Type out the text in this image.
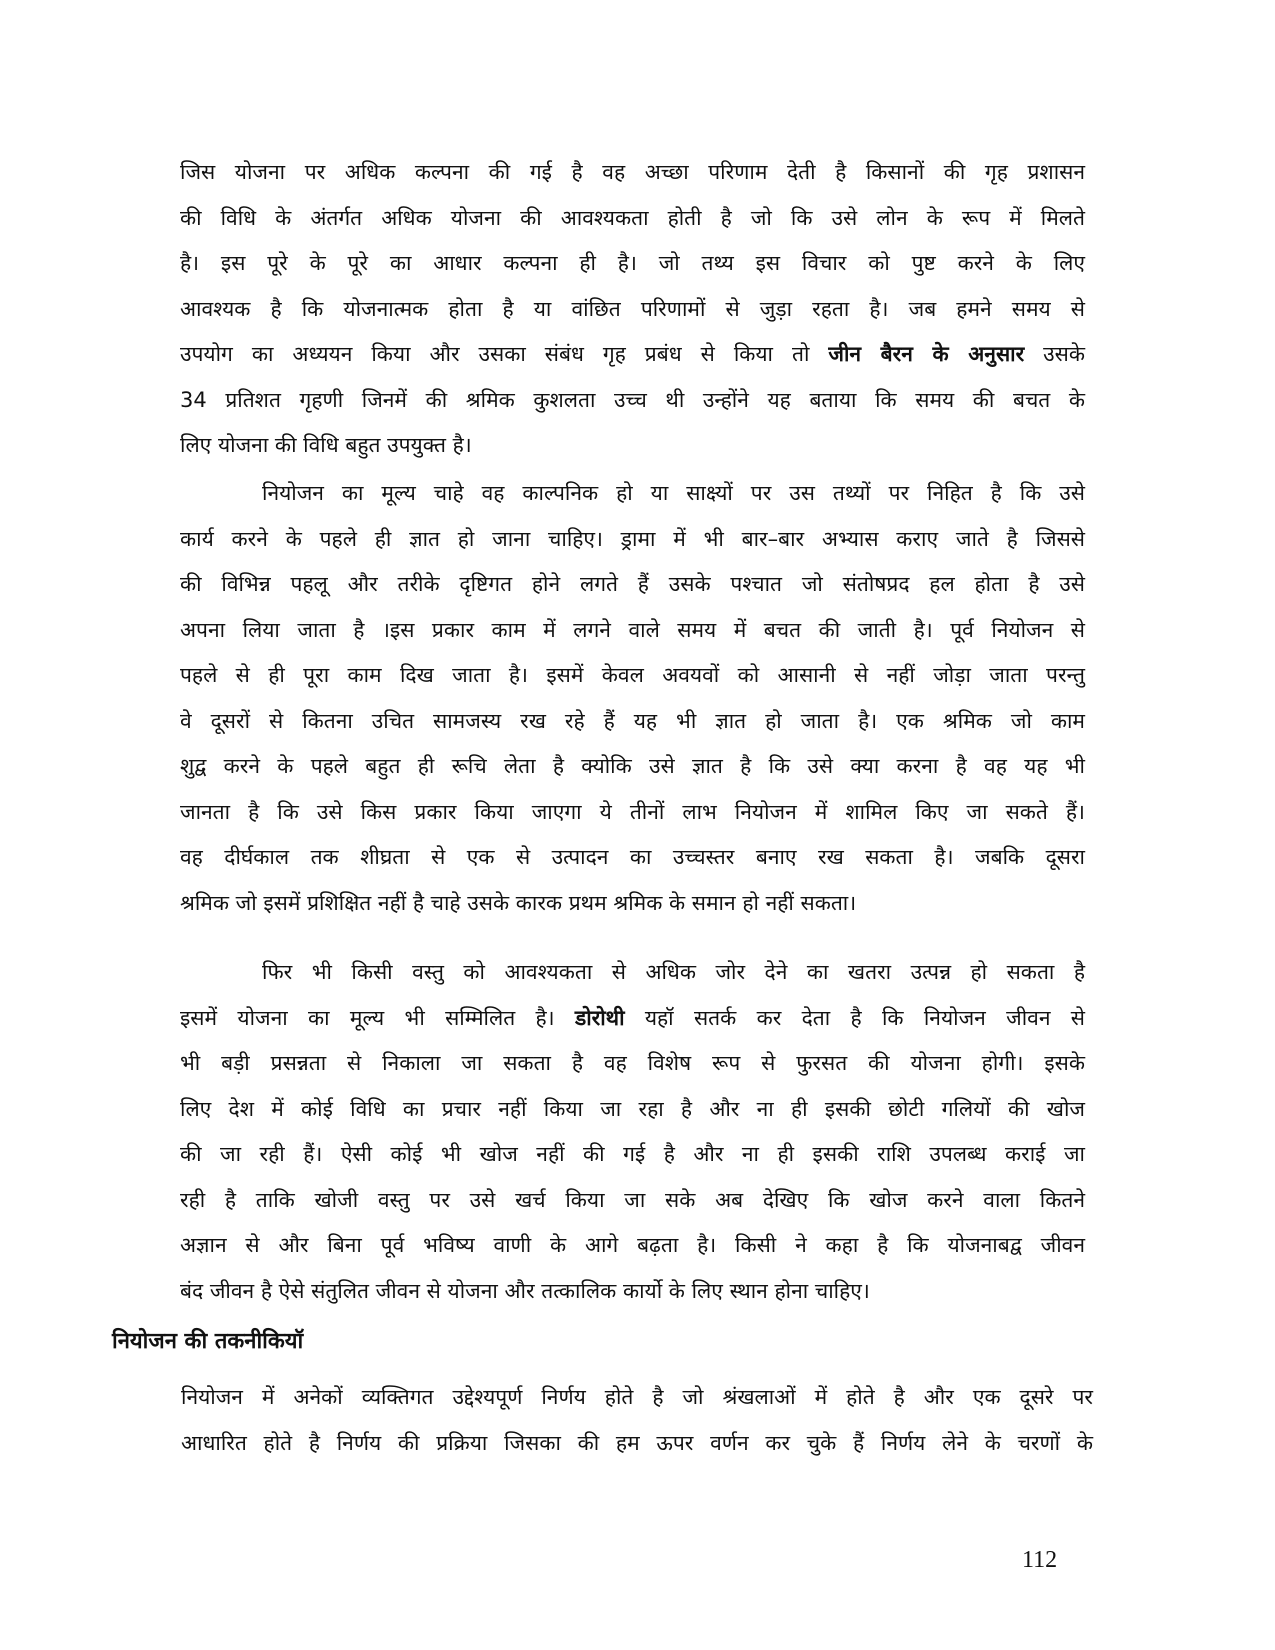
जिस योजना पर अधिक कल्पना की गई है वह अच्छा परिणाम देती है किसानों की गृह प्रशासन
की विधि के अंतर्गत अधिक योजना की आवश्यकता होती है जो कि उसे लोन के रूप में मिलते
है। इस पूरे के पूरे का आधार कल्पना ही है। जो तथ्य इस विचार को पुष्ट करने के लिए
आवश्यक है कि योजनात्मक होता है या वांछित परिणामों से जुड़ा रहता है। जब हमने समय से
उपयोग का अध्ययन किया और उसका संबंध गृह प्रबंध से किया तो जीन बैरन के अनुसार उसके
34 प्रतिशत गृहणी जिनमें की श्रमिक कुशलता उच्च थी उन्होंने यह बताया कि समय की बचत के
लिए योजना की विधि बहुत उपयुक्त है।

नियोजन का मूल्य चाहे वह काल्पनिक हो या साक्ष्यों पर उस तथ्यों पर निहित है कि उसे
कार्य करने के पहले ही ज्ञात हो जाना चाहिए। ड्रामा में भी बार–बार अभ्यास कराए जाते है जिससे
की विभिन्न पहलू और तरीके दृष्टिगत होने लगते हैं उसके पश्चात जो संतोषप्रद हल होता है उसे
अपना लिया जाता है ।इस प्रकार काम में लगने वाले समय में बचत की जाती है। पूर्व नियोजन से
पहले से ही पूरा काम दिख जाता है। इसमें केवल अवयवों को आसानी से नहीं जोड़ा जाता परन्तु
वे दूसरों से कितना उचित सामजस्य रख रहे हैं यह भी ज्ञात हो जाता है। एक श्रमिक जो काम
शुद्व करने के पहले बहुत ही रूचि लेता है क्योकि उसे ज्ञात है कि उसे क्या करना है वह यह भी
जानता है कि उसे किस प्रकार किया जाएगा ये तीनों लाभ नियोजन में शामिल किए जा सकते हैं।
वह दीर्घकाल तक शीघ्रता से एक से उत्पादन का उच्चस्तर बनाए रख सकता है। जबकि दूसरा
श्रमिक जो इसमें प्रशिक्षित नहीं है चाहे उसके कारक प्रथम श्रमिक के समान हो नहीं सकता।

फिर भी किसी वस्तु को आवश्यकता से अधिक जोर देने का खतरा उत्पन्न हो सकता है
इसमें योजना का मूल्य भी सम्मिलित है। डोरोथी यहॉ सतर्क कर देता है कि नियोजन जीवन से
भी बड़ी प्रसन्नता से निकाला जा सकता है वह विशेष रूप से फुरसत की योजना होगी। इसके
लिए देश में कोई विधि का प्रचार नहीं किया जा रहा है और ना ही इसकी छोटी गलियों की खोज
की जा रही हैं। ऐसी कोई भी खोज नहीं की गई है और ना ही इसकी राशि उपलब्ध कराई जा
रही है ताकि खोजी वस्तु पर उसे खर्च किया जा सके अब देखिए कि खोज करने वाला कितने
अज्ञान से और बिना पूर्व भविष्य वाणी के आगे बढ़ता है। किसी ने कहा है कि योजनाबद्व जीवन
बंद जीवन है ऐसे संतुलित जीवन से योजना और तत्कालिक कार्यो के लिए स्थान होना चाहिए।

नियोजन की तकनीकियॉ

नियोजन में अनेकों व्यक्तिगत उद्देश्यपूर्ण निर्णय होते है जो श्रंखलाओं में होते है और एक दूसरे पर
आधारित होते है निर्णय की प्रक्रिया जिसका की हम ऊपर वर्णन कर चुके हैं निर्णय लेने के चरणों के

112
